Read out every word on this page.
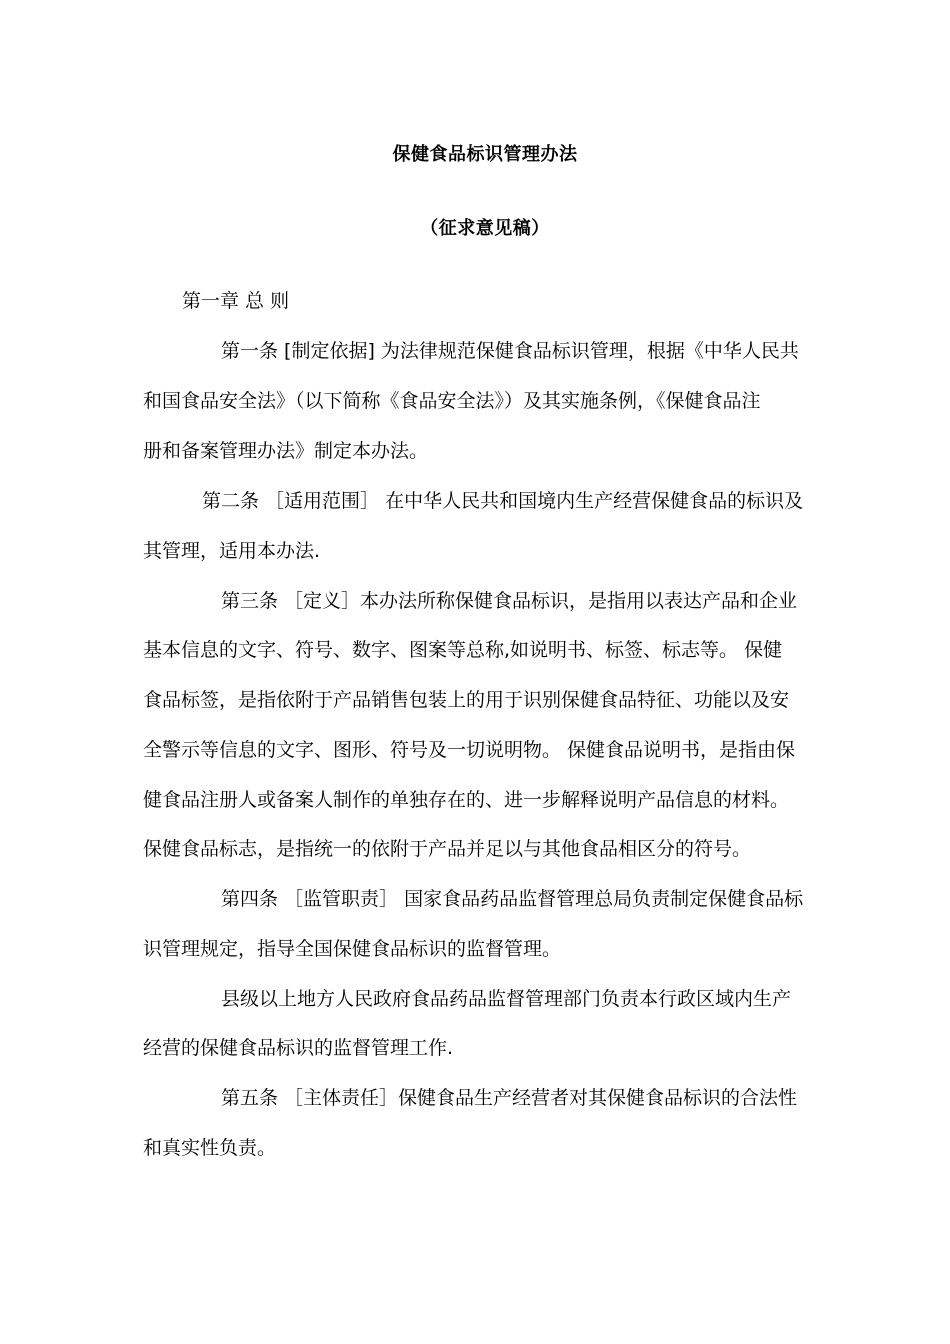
保健食品标识管理办法
（征求意见稿）
第一章 总 则
第一条 [制定依据] 为法律规范保健食品标识管理，根据《中华人民共
和国食品安全法》（以下简称《食品安全法》）及其实施条例，《保健食品注
册和备案管理办法》制定本办法。
第二条 ［适用范围］ 在中华人民共和国境内生产经营保健食品的标识及
其管理，适用本办法.
第三条 ［定义］本办法所称保健食品标识，是指用以表达产品和企业
基本信息的文字、符号、数字、图案等总称,如说明书、标签、标志等。 保健
食品标签，是指依附于产品销售包装上的用于识别保健食品特征、功能以及安
全警示等信息的文字、图形、符号及一切说明物。 保健食品说明书，是指由保
健食品注册人或备案人制作的单独存在的、进一步解释说明产品信息的材料。
保健食品标志，是指统一的依附于产品并足以与其他食品相区分的符号。
第四条 ［监管职责］ 国家食品药品监督管理总局负责制定保健食品标
识管理规定，指导全国保健食品标识的监督管理。
县级以上地方人民政府食品药品监督管理部门负责本行政区域内生产
经营的保健食品标识的监督管理工作.
第五条 ［主体责任］保健食品生产经营者对其保健食品标识的合法性
和真实性负责。
